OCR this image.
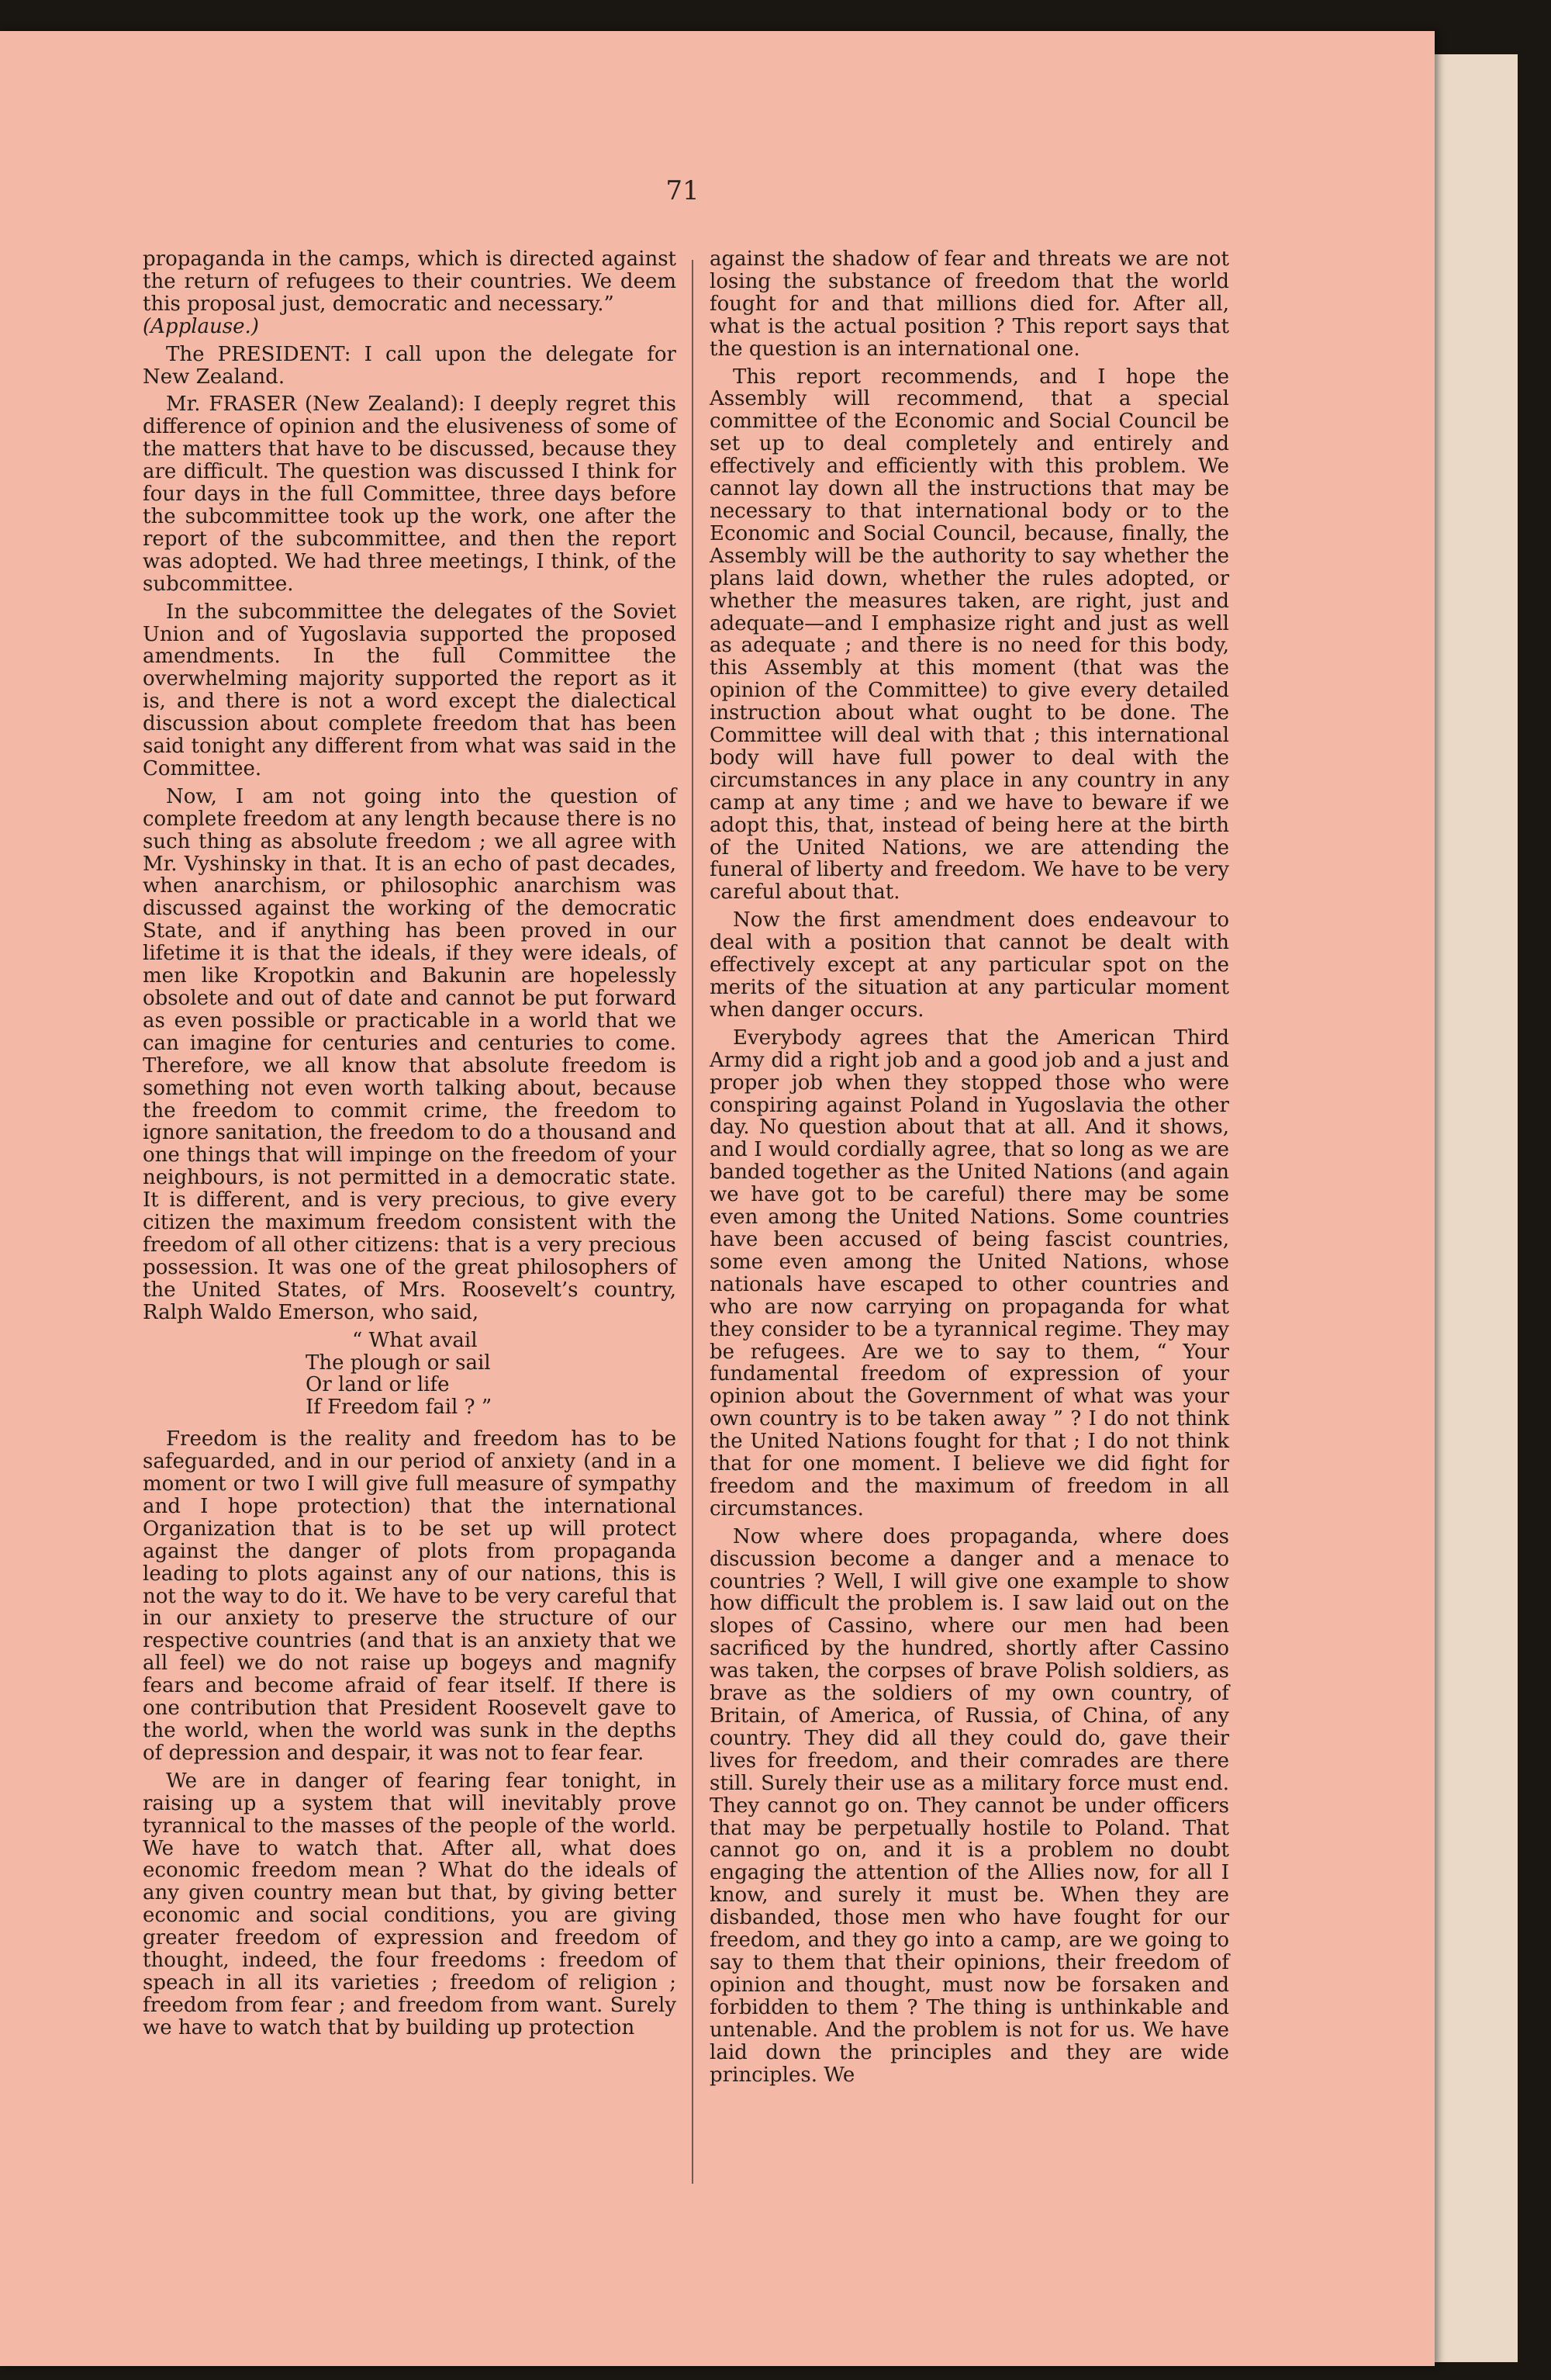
71

propaganda in the camps, which is directed against the return of refugees to their countries. We deem this proposal just, democratic and necessary.”
(Applause.)

The PRESIDENT: I call upon the delegate for New Zealand.

Mr. FRASER (New Zealand): I deeply regret this difference of opinion and the elusiveness of some of the matters that have to be discussed, because they are difficult. The question was discussed I think for four days in the full Committee, three days before the subcommittee took up the work, one after the report of the subcommittee, and then the report was adopted. We had three meetings, I think, of the subcommittee.

In the subcommittee the delegates of the Soviet Union and of Yugoslavia supported the proposed amendments. In the full Committee the overwhelming majority supported the report as it is, and there is not a word except the dialectical discussion about complete freedom that has been said tonight any different from what was said in the Committee.

Now, I am not going into the question of complete freedom at any length because there is no such thing as absolute freedom ; we all agree with Mr. Vyshinsky in that. It is an echo of past decades, when anarchism, or philosophic anarchism was discussed against the working of the democratic State, and if anything has been proved in our lifetime it is that the ideals, if they were ideals, of men like Kropotkin and Bakunin are hopelessly obsolete and out of date and cannot be put forward as even possible or practicable in a world that we can imagine for centuries and centuries to come. Therefore, we all know that absolute freedom is something not even worth talking about, because the freedom to commit crime, the freedom to ignore sanitation, the freedom to do a thousand and one things that will impinge on the freedom of your neighbours, is not permitted in a democratic state. It is different, and is very precious, to give every citizen the maximum freedom consistent with the freedom of all other citizens: that is a very precious possession. It was one of the great philosophers of the United States, of Mrs. Roosevelt’s country, Ralph Waldo Emerson, who said,

“ What avail
The plough or sail
Or land or life
If Freedom fail ? ”

Freedom is the reality and freedom has to be safeguarded, and in our period of anxiety (and in a moment or two I will give full measure of sympathy and I hope protection) that the international Organization that is to be set up will protect against the danger of plots from propaganda leading to plots against any of our nations, this is not the way to do it. We have to be very careful that in our anxiety to preserve the structure of our respective countries (and that is an anxiety that we all feel) we do not raise up bogeys and magnify fears and become afraid of fear itself. If there is one contribution that President Roosevelt gave to the world, when the world was sunk in the depths of depression and despair, it was not to fear fear.

We are in danger of fearing fear tonight, in raising up a system that will inevitably prove tyrannical to the masses of the people of the world. We have to watch that. After all, what does economic freedom mean ? What do the ideals of any given country mean but that, by giving better economic and social conditions, you are giving greater freedom of expression and freedom of thought, indeed, the four freedoms : freedom of speach in all its varieties ; freedom of religion ; freedom from fear ; and freedom from want. Surely we have to watch that by building up protection

against the shadow of fear and threats we are not losing the substance of freedom that the world fought for and that millions died for. After all, what is the actual position ? This report says that the question is an international one.

This report recommends, and I hope the Assembly will recommend, that a special committee of the Economic and Social Council be set up to deal completely and entirely and effectively and efficiently with this problem. We cannot lay down all the instructions that may be necessary to that international body or to the Economic and Social Council, because, finally, the Assembly will be the authority to say whether the plans laid down, whether the rules adopted, or whether the measures taken, are right, just and adequate—and I emphasize right and just as well as adequate ; and there is no need for this body, this Assembly at this moment (that was the opinion of the Committee) to give every detailed instruction about what ought to be done. The Committee will deal with that ; this international body will have full power to deal with the circumstances in any place in any country in any camp at any time ; and we have to beware if we adopt this, that, instead of being here at the birth of the United Nations, we are attending the funeral of liberty and freedom. We have to be very careful about that.

Now the first amendment does endeavour to deal with a position that cannot be dealt with effectively except at any particular spot on the merits of the situation at any particular moment when danger occurs.

Everybody agrees that the American Third Army did a right job and a good job and a just and proper job when they stopped those who were conspiring against Poland in Yugoslavia the other day. No question about that at all. And it shows, and I would cordially agree, that so long as we are banded together as the United Nations (and again we have got to be careful) there may be some even among the United Nations. Some countries have been accused of being fascist countries, some even among the United Nations, whose nationals have escaped to other countries and who are now carrying on propaganda for what they consider to be a tyrannical regime. They may be refugees. Are we to say to them, “ Your fundamental freedom of expression of your opinion about the Government of what was your own country is to be taken away ” ? I do not think the United Nations fought for that ; I do not think that for one moment. I believe we did fight for freedom and the maximum of freedom in all circumstances.

Now where does propaganda, where does discussion become a danger and a menace to countries ? Well, I will give one example to show how difficult the problem is. I saw laid out on the slopes of Cassino, where our men had been sacrificed by the hundred, shortly after Cassino was taken, the corpses of brave Polish soldiers, as brave as the soldiers of my own country, of Britain, of America, of Russia, of China, of any country. They did all they could do, gave their lives for freedom, and their comrades are there still. Surely their use as a military force must end. They cannot go on. They cannot be under officers that may be perpetually hostile to Poland. That cannot go on, and it is a problem no doubt engaging the attention of the Allies now, for all I know, and surely it must be. When they are disbanded, those men who have fought for our freedom, and they go into a camp, are we going to say to them that their opinions, their freedom of opinion and thought, must now be forsaken and forbidden to them ? The thing is unthinkable and untenable. And the problem is not for us. We have laid down the principles and they are wide principles. We
